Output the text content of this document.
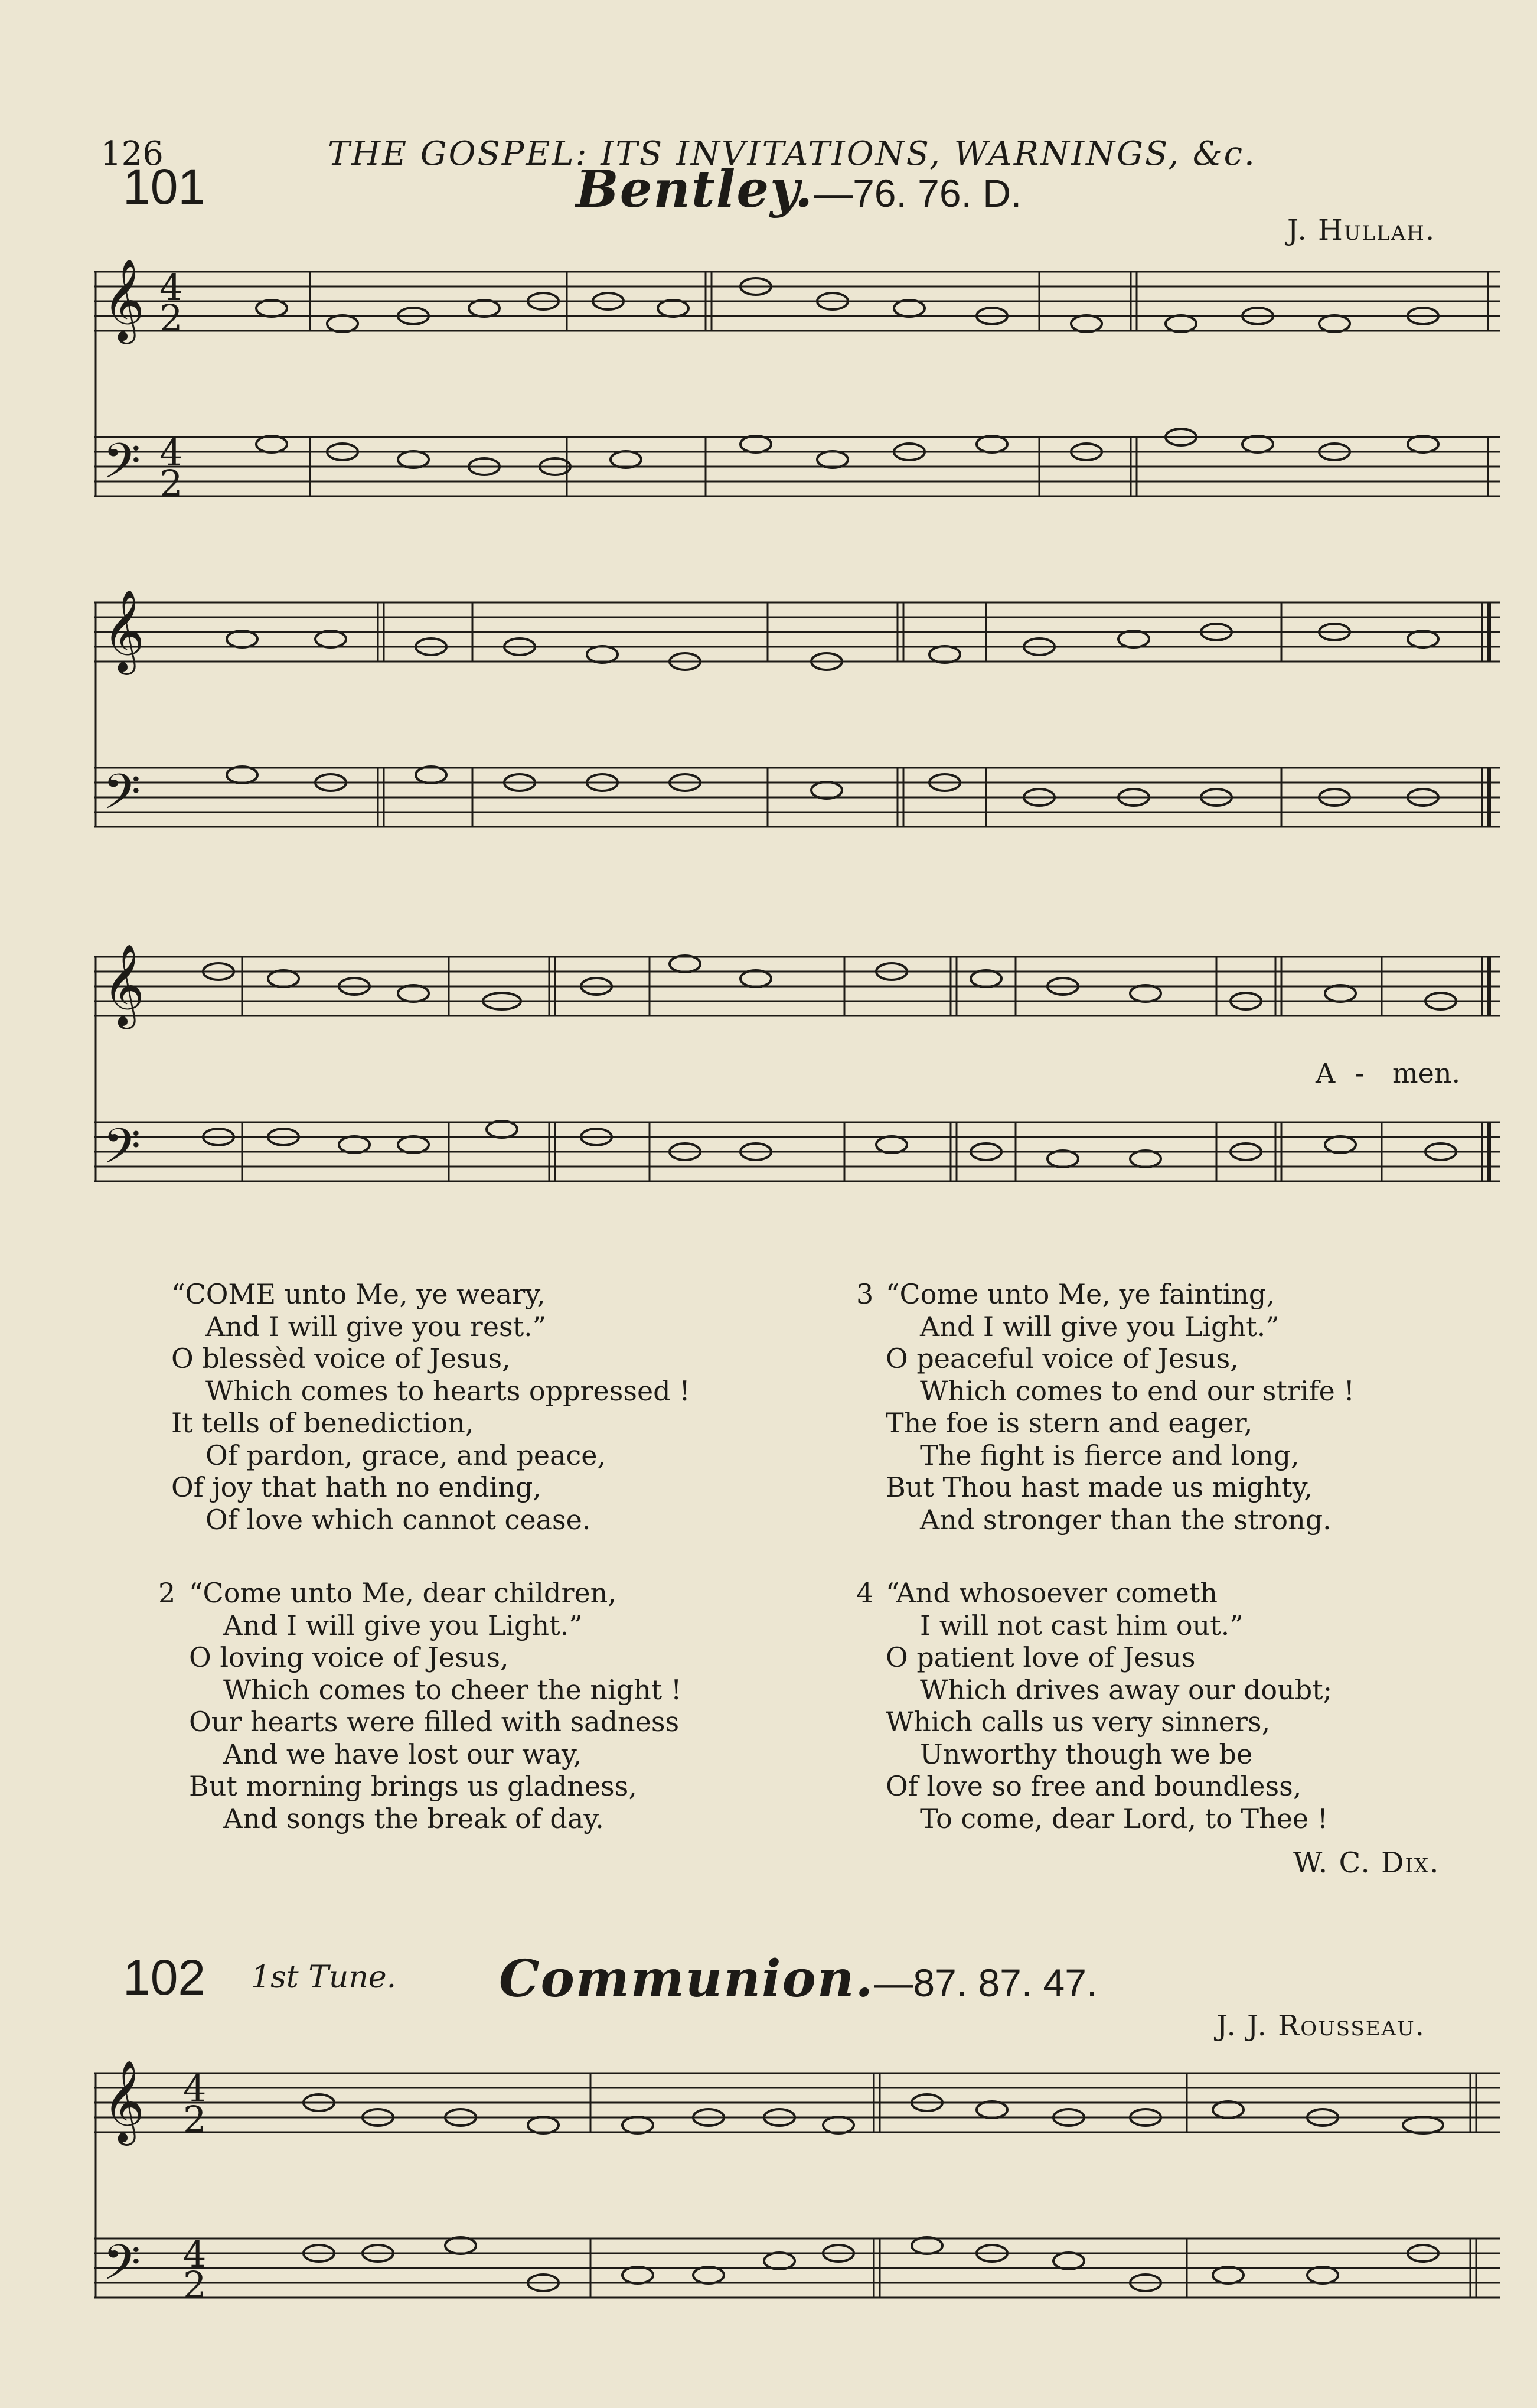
126	THE GOSPEL: ITS INVITATIONS, WARNINGS, &c.
101	Bentley.—76. 76. D.
J. Hullah.
𝄞
𝄢
4
2
4
2
𝄞
𝄢
𝄞
𝄢
A - men.
“COME unto Me, ye weary,
And I will give you rest.”
O blessèd voice of Jesus,
Which comes to hearts oppressed !
It tells of benediction,
Of pardon, grace, and peace,
Of joy that hath no ending,
Of love which cannot cease.
2 “Come unto Me, dear children,
And I will give you Light.”
O loving voice of Jesus,
Which comes to cheer the night !
Our hearts were filled with sadness
And we have lost our way,
But morning brings us gladness,
And songs the break of day.
3 “Come unto Me, ye fainting,
And I will give you Light.”
O peaceful voice of Jesus,
Which comes to end our strife !
The foe is stern and eager,
The fight is fierce and long,
But Thou hast made us mighty,
And stronger than the strong.
4 “And whosoever cometh
I will not cast him out.”
O patient love of Jesus
Which drives away our doubt;
Which calls us very sinners,
Unworthy though we be
Of love so free and boundless,
To come, dear Lord, to Thee !
W. C. Dix.
102 1st Tune. Communion.—87. 87. 47.
J. J. Rousseau.
𝄞
𝄢
4
2
4
2
